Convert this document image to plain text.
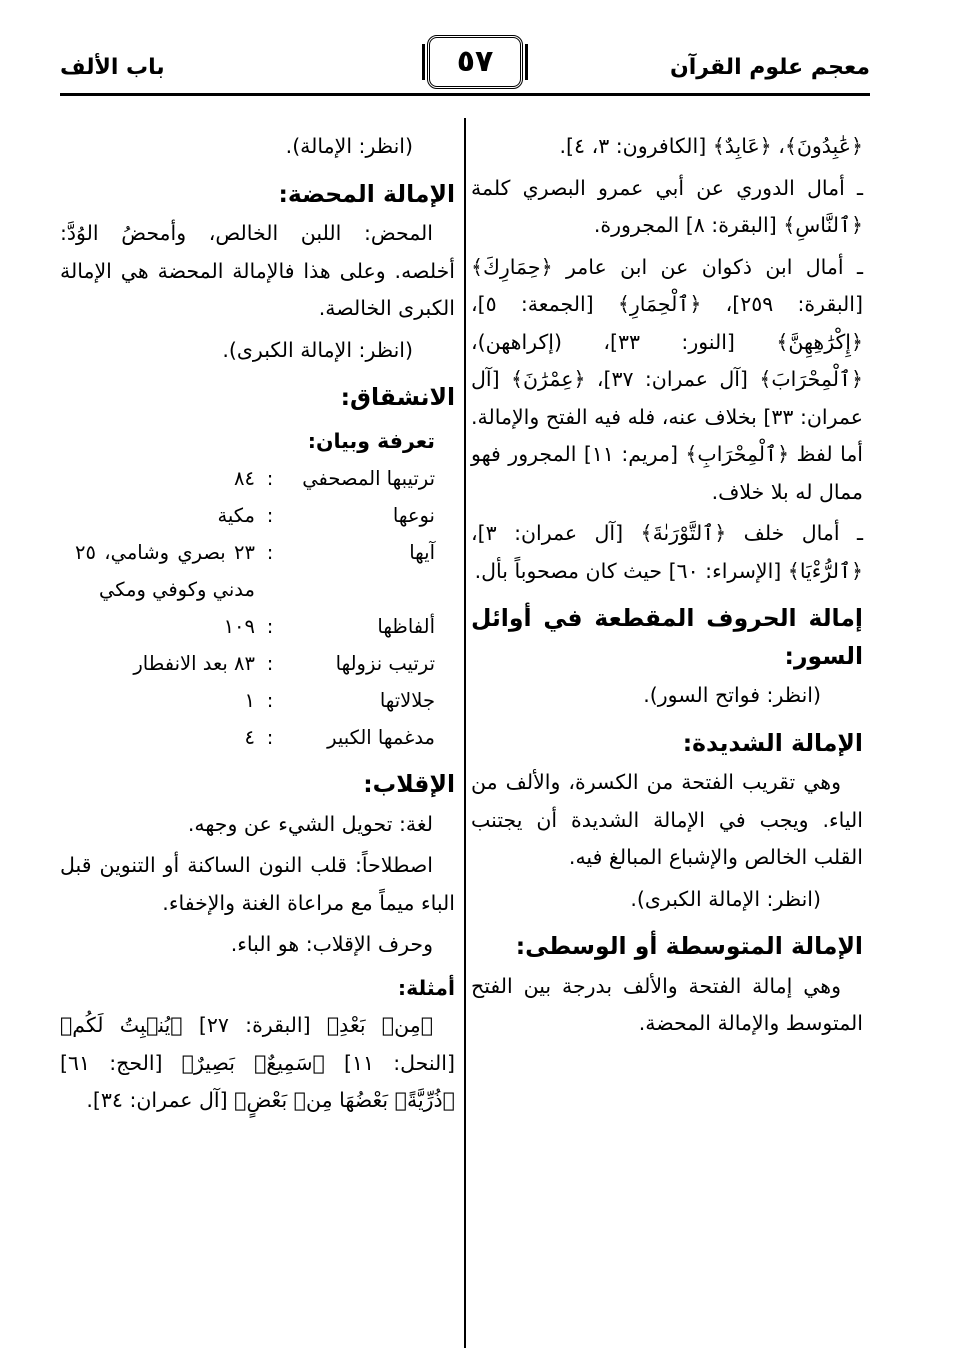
معجم علوم القرآن
٥٧
باب الألف
﴿عَٰبِدُونَ﴾، ﴿عَابِدٌ﴾ [الكافرون: ٣، ٤].
ـ أمال الدوري عن أبي عمرو البصري كلمة ﴿ٱلنَّاسِ﴾ [البقرة: ٨] المجرورة.
ـ أمال ابن ذكوان عن ابن عامر ﴿حِمَارِكَ﴾ [البقرة: ٢٥٩]، ﴿ٱلْحِمَارِ﴾ [الجمعة: ٥]، ﴿إِكْرَٰهِهِنَّ﴾ [النور: ٣٣]، (إكراههن)، ﴿ٱلْمِحْرَابَ﴾ [آل عمران: ٣٧]، ﴿عِمْرَٰنَ﴾ [آل عمران: ٣٣] بخلاف عنه، فله فيه الفتح والإمالة. أما لفظ ﴿ٱلْمِحْرَابِ﴾ [مريم: ١١] المجرور فهو ممال له بلا خلاف.
ـ أمال خلف ﴿ٱلتَّوْرَىٰةَ﴾ [آل عمران: ٣]، ﴿ٱلرُّءْيَا﴾ [الإسراء: ٦٠] حيث كان مصحوباً بأل.
إمالة الحروف المقطعة في أوائل السور:
(انظر: فواتح السور).
الإمالة الشديدة:
وهي تقريب الفتحة من الكسرة، والألف من الياء. ويجب في الإمالة الشديدة أن يجتنب القلب الخالص والإشباع المبالغ فيه.
(انظر: الإمالة الكبرى).
الإمالة المتوسطة أو الوسطى:
وهي إمالة الفتحة والألف بدرجة بين الفتح المتوسط والإمالة المحضة.
(انظر: الإمالة).
الإمالة المحضة:
المحض: اللبن الخالص، وأمحضُ الوُدَّ: أخلصه. وعلى هذا فالإمالة المحضة هي الإمالة الكبرى الخالصة.
(انظر: الإمالة الكبرى).
الانشقاق:
تعرفة وبيان:
ترتيبها المصحفي	:	٨٤
نوعها	:	مكية
آيها	:	٢٣ بصري وشامي، ٢٥ مدني وكوفي ومكي
ألفاظها	:	١٠٩
ترتيب نزولها	:	٨٣ بعد الانفطار
جلالاتها	:	١
مدغمها الكبير	:	٤
الإقلاب:
لغة: تحويل الشيء عن وجهه.
اصطلاحاً: قلب النون الساكنة أو التنوين قبل الباء ميماً مع مراعاة الغنة والإخفاء.
وحرف الإقلاب: هو الباء.
أمثلة:
﴿مِنۢ بَعْدِ﴾ [البقرة: ٢٧] ﴿يُنۢبِتُ لَكُم﴾ [النحل: ١١] ﴿سَمِيعٌۢ بَصِيرٌ﴾ [الحج: ٦١] ﴿ذُرِّيَّةًۢ بَعْضُهَا مِنۢ بَعْضٍ﴾ [آل عمران: ٣٤].
